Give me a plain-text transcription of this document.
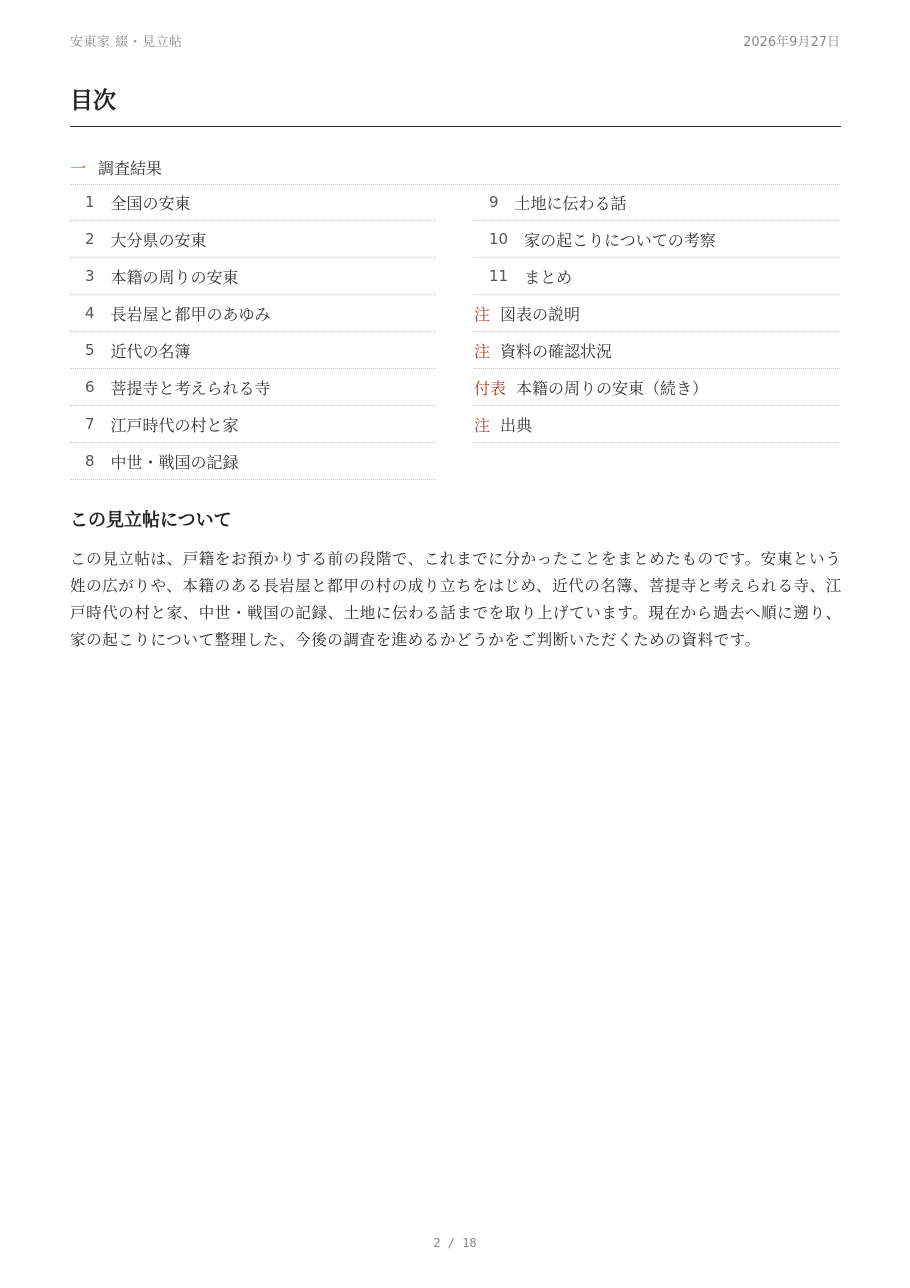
安東家 綴・見立帖	2026年9月27日
目次
一 調査結果
1 全国の安東
2 大分県の安東
3 本籍の周りの安東
4 長岩屋と都甲のあゆみ
5 近代の名簿
6 菩提寺と考えられる寺
7 江戸時代の村と家
8 中世・戦国の記録
9 土地に伝わる話
10 家の起こりについての考察
11 まとめ
注 図表の説明
注 資料の確認状況
付表 本籍の周りの安東（続き）
注 出典
この見立帖について

この見立帖は、戸籍をお預かりする前の段階で、これまでに分かったことをまとめたものです。安東という姓の広がりや、本籍のある長岩屋と都甲の村の成り立ちをはじめ、近代の名簿、菩提寺と考えられる寺、江戸時代の村と家、中世・戦国の記録、土地に伝わる話までを取り上げています。現在から過去へ順に遡り、家の起こりについて整理した、今後の調査を進めるかどうかをご判断いただくための資料です。

2 / 18
